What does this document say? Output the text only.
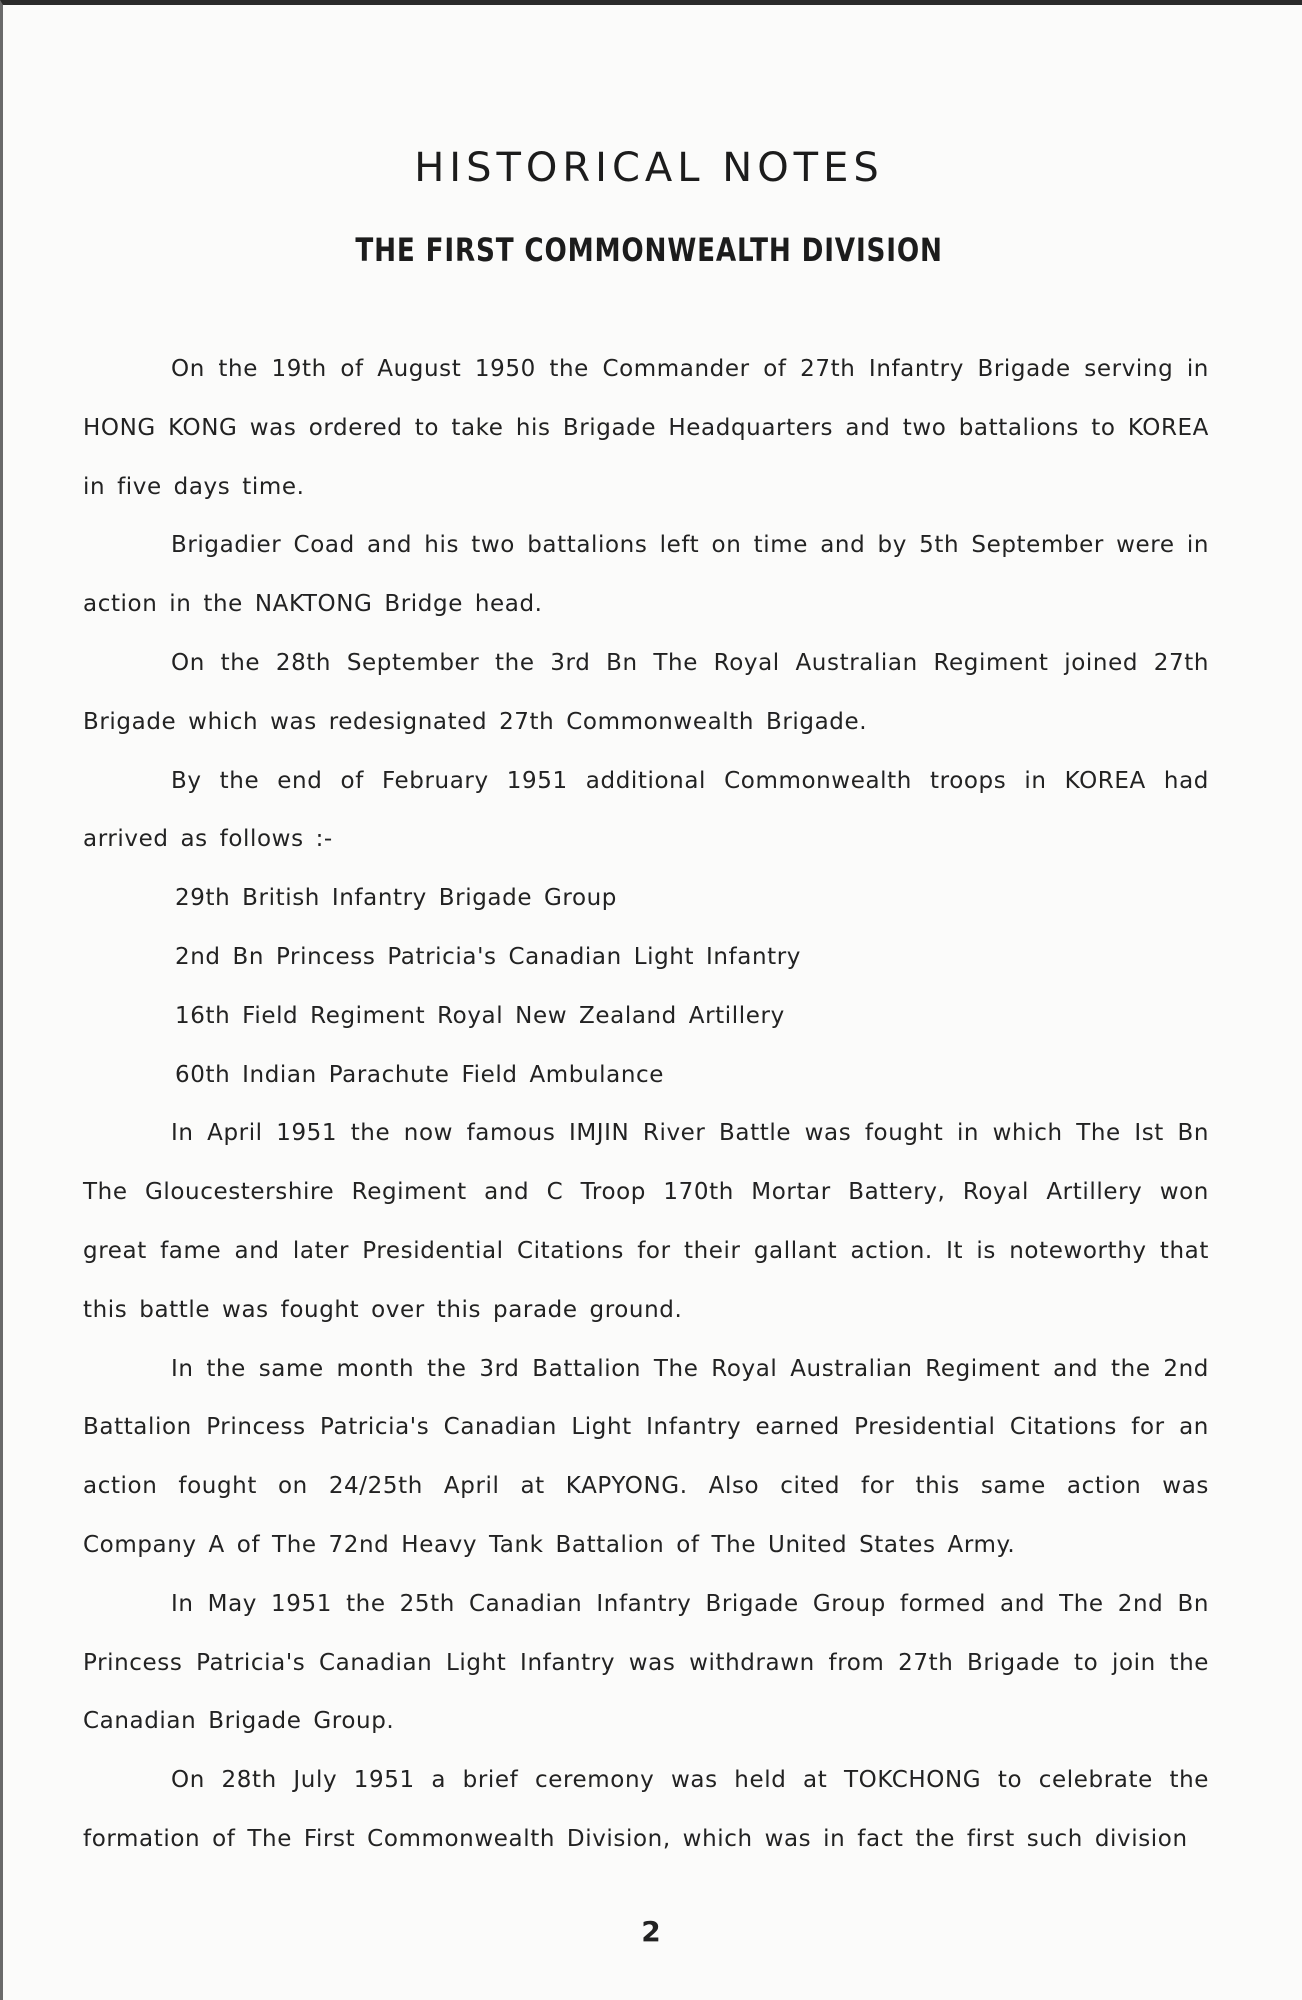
HISTORICAL NOTES
THE FIRST COMMONWEALTH DIVISION

On the 19th of August 1950 the Commander of 27th Infantry Brigade serving in HONG KONG was ordered to take his Brigade Headquarters and two battalions to KOREA in five days time.

Brigadier Coad and his two battalions left on time and by 5th September were in action in the NAKTONG Bridge head.

On the 28th September the 3rd Bn The Royal Australian Regiment joined 27th Brigade which was redesignated 27th Commonwealth Brigade.

By the end of February 1951 additional Commonwealth troops in KOREA had arrived as follows :-

29th British Infantry Brigade Group

2nd Bn Princess Patricia's Canadian Light Infantry

16th Field Regiment Royal New Zealand Artillery

60th Indian Parachute Field Ambulance

In April 1951 the now famous IMJIN River Battle was fought in which The Ist Bn The Gloucestershire Regiment and C Troop 170th Mortar Battery, Royal Artillery won great fame and later Presidential Citations for their gallant action. It is noteworthy that this battle was fought over this parade ground.

In the same month the 3rd Battalion The Royal Australian Regiment and the 2nd Battalion Princess Patricia's Canadian Light Infantry earned Presidential Citations for an action fought on 24/25th April at KAPYONG. Also cited for this same action was Company A of The 72nd Heavy Tank Battalion of The United States Army.

In May 1951 the 25th Canadian Infantry Brigade Group formed and The 2nd Bn Princess Patricia's Canadian Light Infantry was withdrawn from 27th Brigade to join the Canadian Brigade Group.

On 28th July 1951 a brief ceremony was held at TOKCHONG to celebrate the formation of The First Commonwealth Division, which was in fact the first such division

2
